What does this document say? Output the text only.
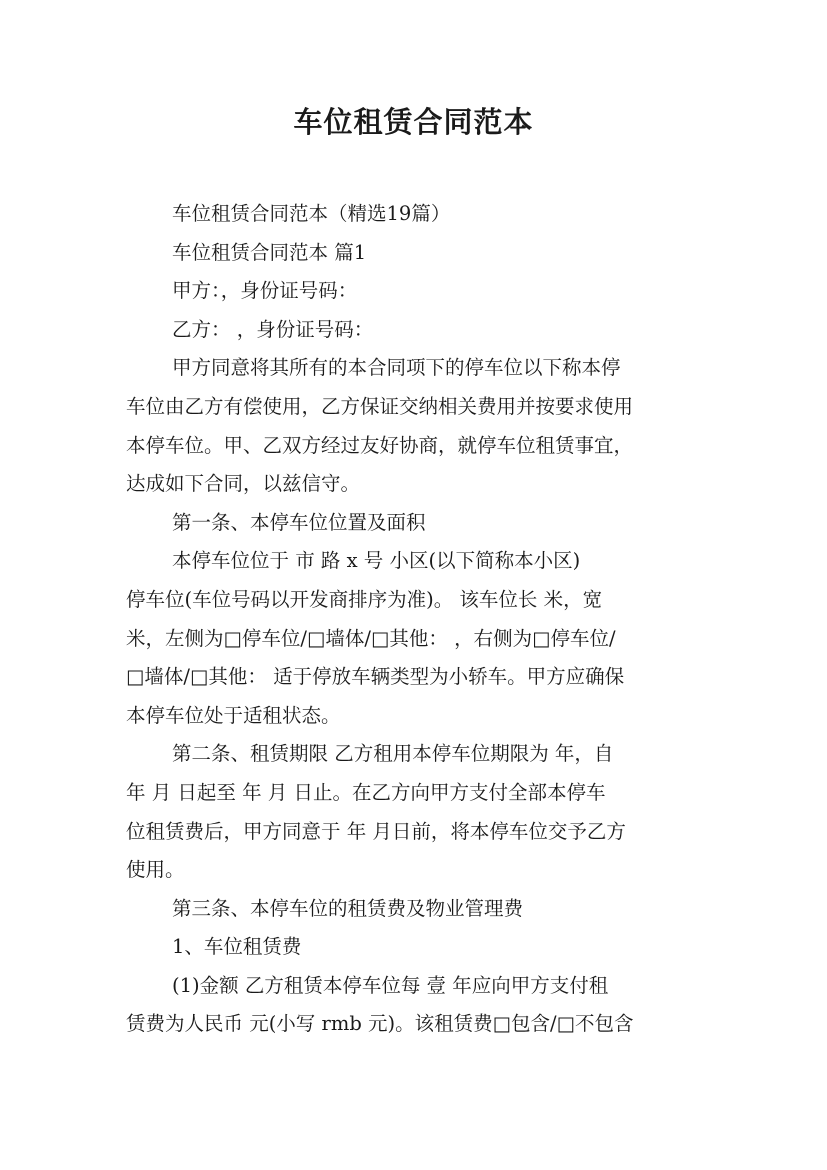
车位租赁合同范本

车位租赁合同范本（精选19篇）

车位租赁合同范本 篇1

甲方：，身份证号码：

乙方： ，身份证号码：

甲方同意将其所有的本合同项下的停车位以下称本停

车位由乙方有偿使用，乙方保证交纳相关费用并按要求使用

本停车位。甲、乙双方经过友好协商，就停车位租赁事宜，

达成如下合同，以兹信守。

第一条、本停车位位置及面积

本停车位位于 市 路 x 号 小区(以下简称本小区)

停车位(车位号码以开发商排序为准)。 该车位长 米，宽

米，左侧为□停车位/□墙体/□其他： ，右侧为□停车位/

□墙体/□其他： 适于停放车辆类型为小轿车。甲方应确保

本停车位处于适租状态。

第二条、租赁期限 乙方租用本停车位期限为 年，自

年 月 日起至 年 月 日止。在乙方向甲方支付全部本停车

位租赁费后，甲方同意于 年 月日前，将本停车位交予乙方

使用。

第三条、本停车位的租赁费及物业管理费

1、车位租赁费

(1)金额 乙方租赁本停车位每 壹 年应向甲方支付租

赁费为人民币 元(小写 rmb 元)。该租赁费□包含/□不包含
